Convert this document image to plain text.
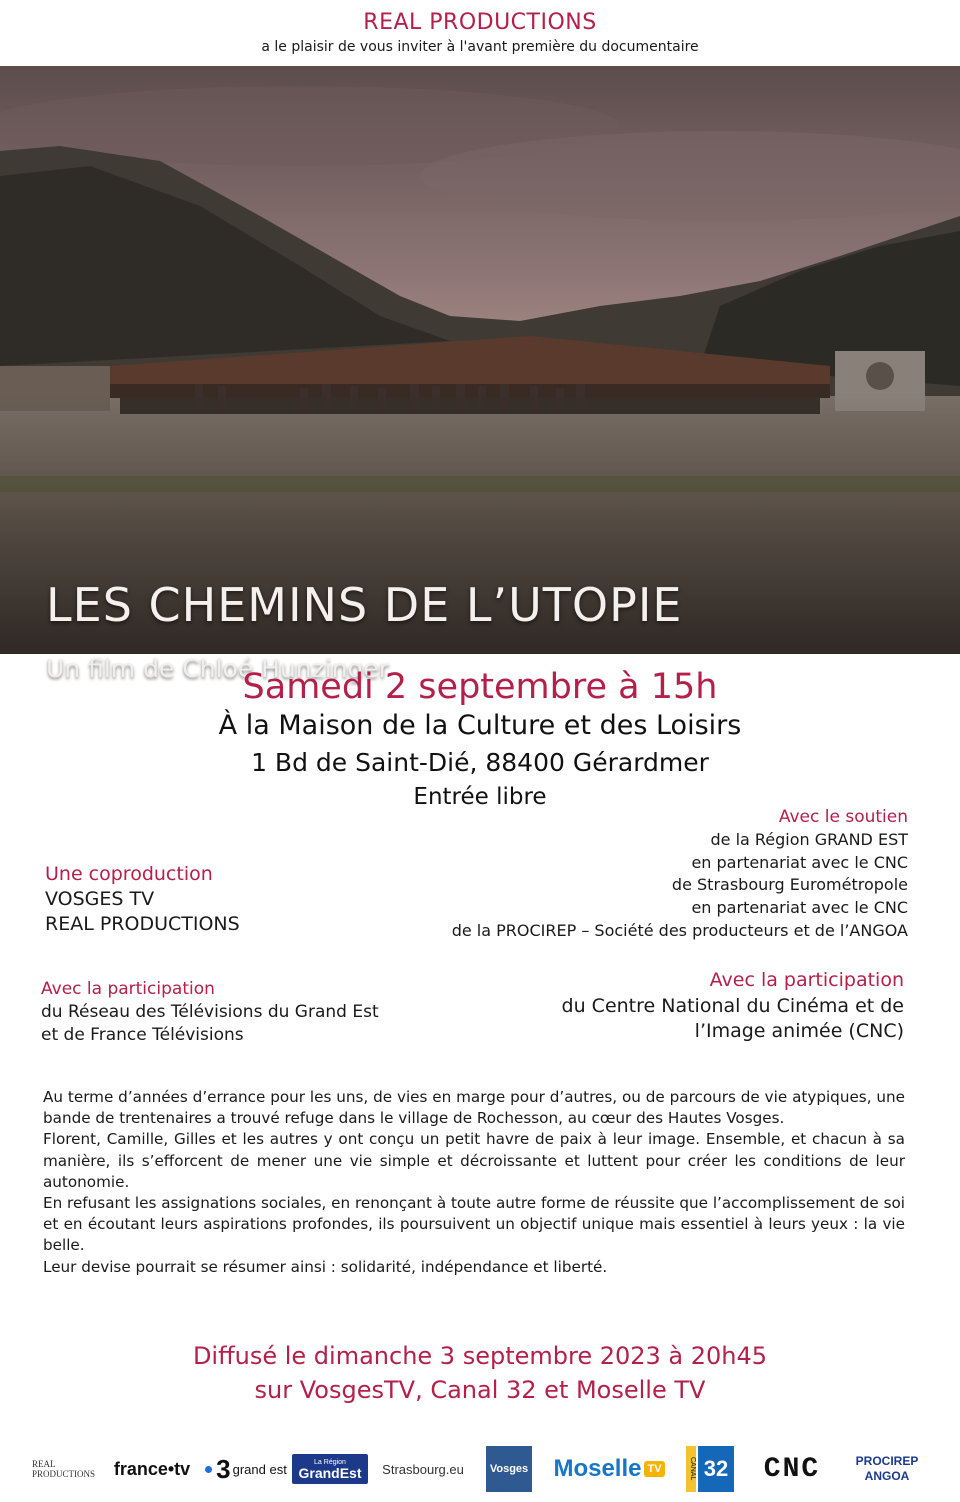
REAL PRODUCTIONS
a le plaisir de vous inviter à l'avant première du documentaire
LES CHEMINS DE L’UTOPIE
Un film de Chloé Hunzinger
Samedi 2 septembre à 15h
À la Maison de la Culture et des Loisirs
1 Bd de Saint-Dié, 88400 Gérardmer
Entrée libre
Avec le soutien
de la Région GRAND EST
en partenariat avec le CNC
de Strasbourg Eurométropole
en partenariat avec le CNC
de la PROCIREP – Société des producteurs et de l’ANGOA
Une coproduction
VOSGES TV
REAL PRODUCTIONS
Avec la participation
du Réseau des Télévisions du Grand Est
et de France Télévisions
Avec la participation
du Centre National du Cinéma et de
l’Image animée (CNC)

Au terme d’années d’errance pour les uns, de vies en marge pour d’autres, ou de parcours de vie atypiques, une bande de trentenaires a trouvé refuge dans le village de Rochesson, au cœur des Hautes Vosges.

Florent, Camille, Gilles et les autres y ont conçu un petit havre de paix à leur image. Ensemble, et chacun à sa manière, ils s’efforcent de mener une vie simple et décroissante et luttent pour créer les conditions de leur autonomie.

En refusant les assignations sociales, en renonçant à toute autre forme de réussite que l’accomplissement de soi et en écoutant leurs aspirations profondes, ils poursuivent un objectif unique mais essentiel à leurs yeux : la vie belle.

Leur devise pourrait se résumer ainsi : solidarité, indépendance et liberté.

Diffusé le dimanche 3 septembre 2023 à 20h45
sur VosgesTV, Canal 32 et Moselle TV
REAL
PRODUCTIONS	france•tv 3 grand est	La Région
GrandEst	Strasbourg.eu	Vosges Moselle TV	CANAL 32	CNC	PROCIREP
ANGOA
